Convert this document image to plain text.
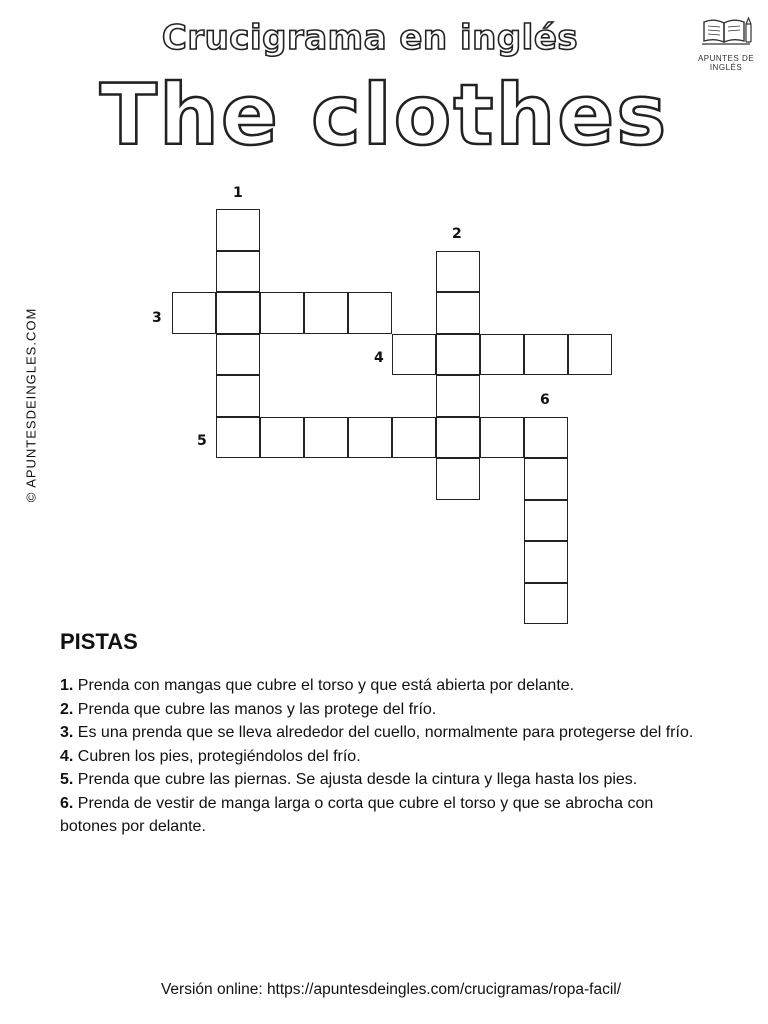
Crucigrama en inglés
The clothes
APUNTES DE INGLÉS
© APUNTESDEINGLES.COM
1
2
3
4
5
6
PISTAS
1. Prenda con mangas que cubre el torso y que está abierta por delante.
2. Prenda que cubre las manos y las protege del frío.
3. Es una prenda que se lleva alrededor del cuello, normalmente para protegerse del frío.
4. Cubren los pies, protegiéndolos del frío.
5. Prenda que cubre las piernas. Se ajusta desde la cintura y llega hasta los pies.
6. Prenda de vestir de manga larga o corta que cubre el torso y que se abrocha con botones por delante.
Versión online: https://apuntesdeingles.com/crucigramas/ropa-facil/
